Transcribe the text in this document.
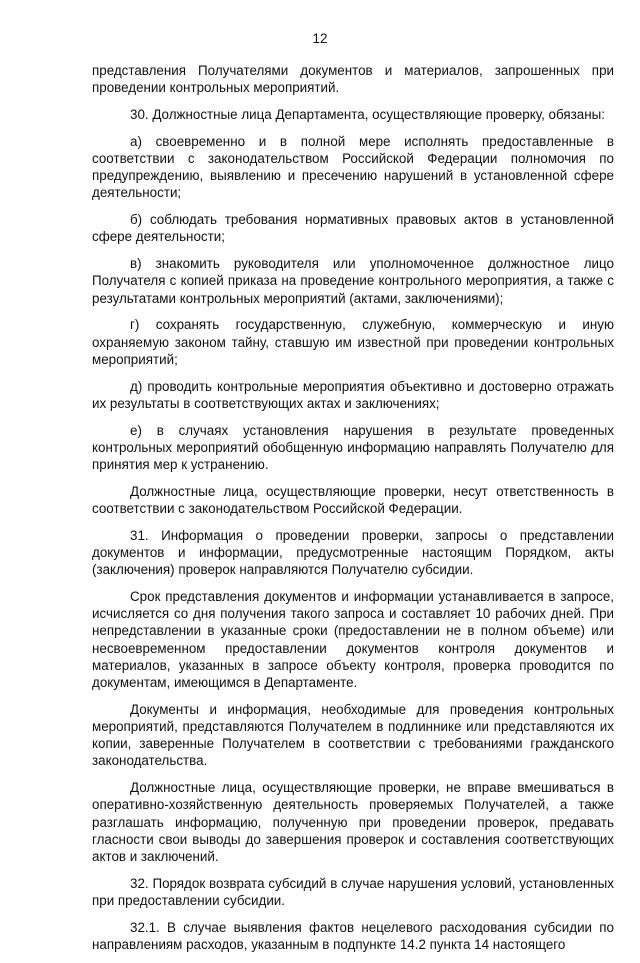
12

представления Получателями документов и материалов, запрошенных при проведении контрольных мероприятий.

30. Должностные лица Департамента, осуществляющие проверку, обязаны:

а) своевременно и в полной мере исполнять предоставленные в соответствии с законодательством Российской Федерации полномочия по предупреждению, выявлению и пресечению нарушений в установленной сфере деятельности;

б) соблюдать требования нормативных правовых актов в установленной сфере деятельности;

в) знакомить руководителя или уполномоченное должностное лицо Получателя с копией приказа на проведение контрольного мероприятия, а также с результатами контрольных мероприятий (актами, заключениями);

г) сохранять государственную, служебную, коммерческую и иную охраняемую законом тайну, ставшую им известной при проведении контрольных мероприятий;

д) проводить контрольные мероприятия объективно и достоверно отражать их результаты в соответствующих актах и заключениях;

е) в случаях установления нарушения в результате проведенных контрольных мероприятий обобщенную информацию направлять Получателю для принятия мер к устранению.

Должностные лица, осуществляющие проверки, несут ответственность в соответствии с законодательством Российской Федерации.

31. Информация о проведении проверки, запросы о представлении документов и информации, предусмотренные настоящим Порядком, акты (заключения) проверок направляются Получателю субсидии.

Срок представления документов и информации устанавливается в запросе, исчисляется со дня получения такого запроса и составляет 10 рабочих дней. При непредставлении в указанные сроки (предоставлении не в полном объеме) или несвоевременном предоставлении документов контроля документов и материалов, указанных в запросе объекту контроля, проверка проводится по документам, имеющимся в Департаменте.

Документы и информация, необходимые для проведения контрольных мероприятий, представляются Получателем в подлиннике или представляются их копии, заверенные Получателем в соответствии с требованиями гражданского законодательства.

Должностные лица, осуществляющие проверки, не вправе вмешиваться в оперативно-хозяйственную деятельность проверяемых Получателей, а также разглашать информацию, полученную при проведении проверок, предавать гласности свои выводы до завершения проверок и составления соответствующих актов и заключений.

32. Порядок возврата субсидий в случае нарушения условий, установленных при предоставлении субсидии.

32.1. В случае выявления фактов нецелевого расходования субсидии по направлениям расходов, указанным в подпункте 14.2 пункта 14 настоящего
